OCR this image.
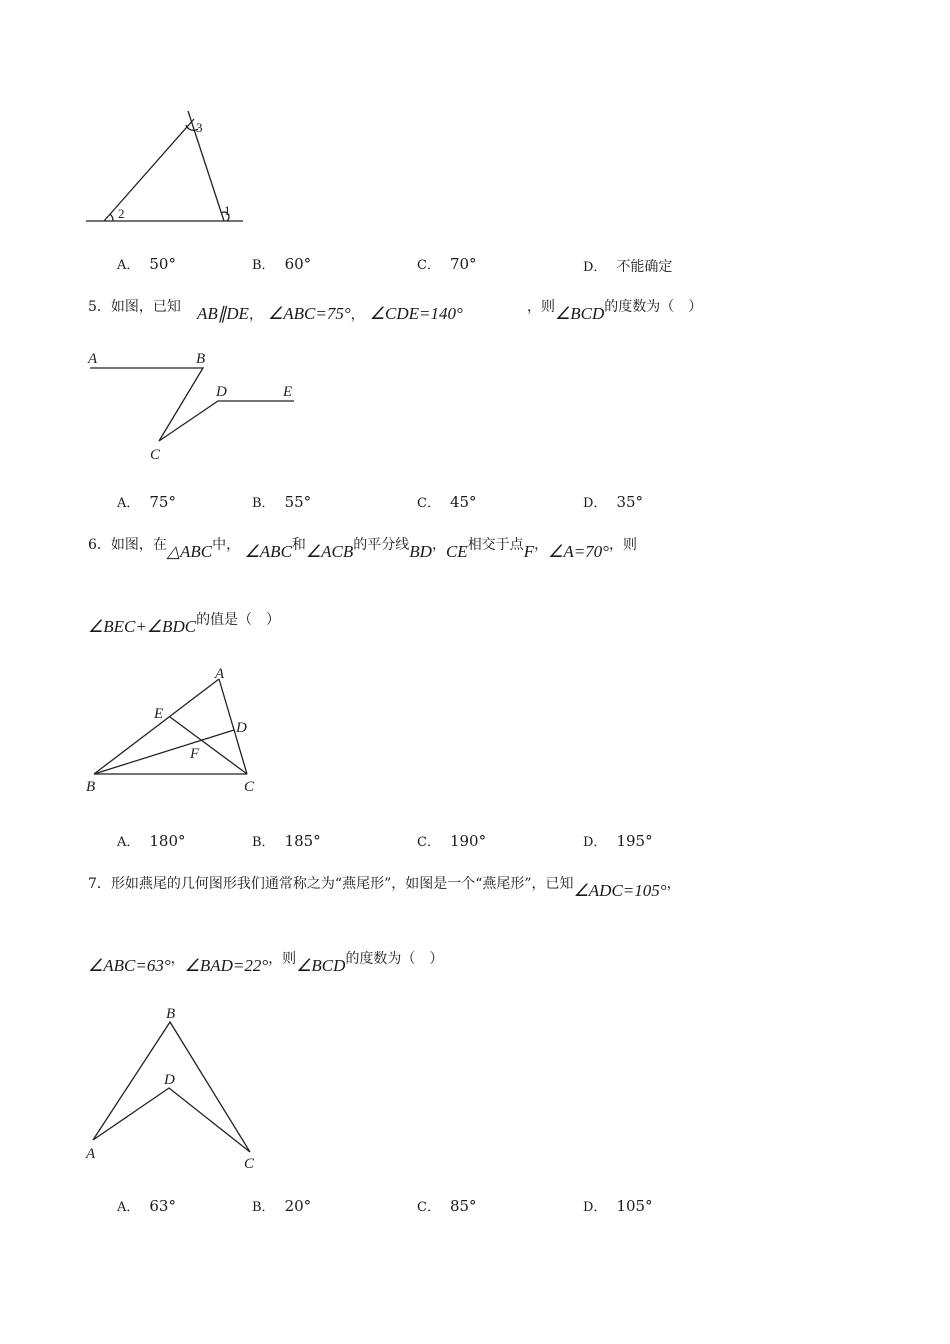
3
2	1
A． 50°	B． 60°	C． 70°	D． 不能确定
5．如图，已知 AB∥DE， ∠ABC=75°， ∠CDE=140°	，则∠BCD的度数为（　）
A	B
C
D	E
A． 75°	B． 55°	C． 45°	D． 35°
6．如图，在△ABC中， ∠ABC和∠ACB的平分线BD，CE相交于点F，∠A=70°，则
∠BEC+∠BDC的值是（　）
A
E
D
F
B	C
A． 180°	B． 185°	C． 190°	D． 195°
7．形如燕尾的几何图形我们通常称之为“燕尾形”，如图是一个“燕尾形”，已知∠ADC=105°，
∠ABC=63°，∠BAD=22°，则∠BCD的度数为（　）
B
D
A
C
A． 63°	B． 20°	C． 85°	D． 105°
